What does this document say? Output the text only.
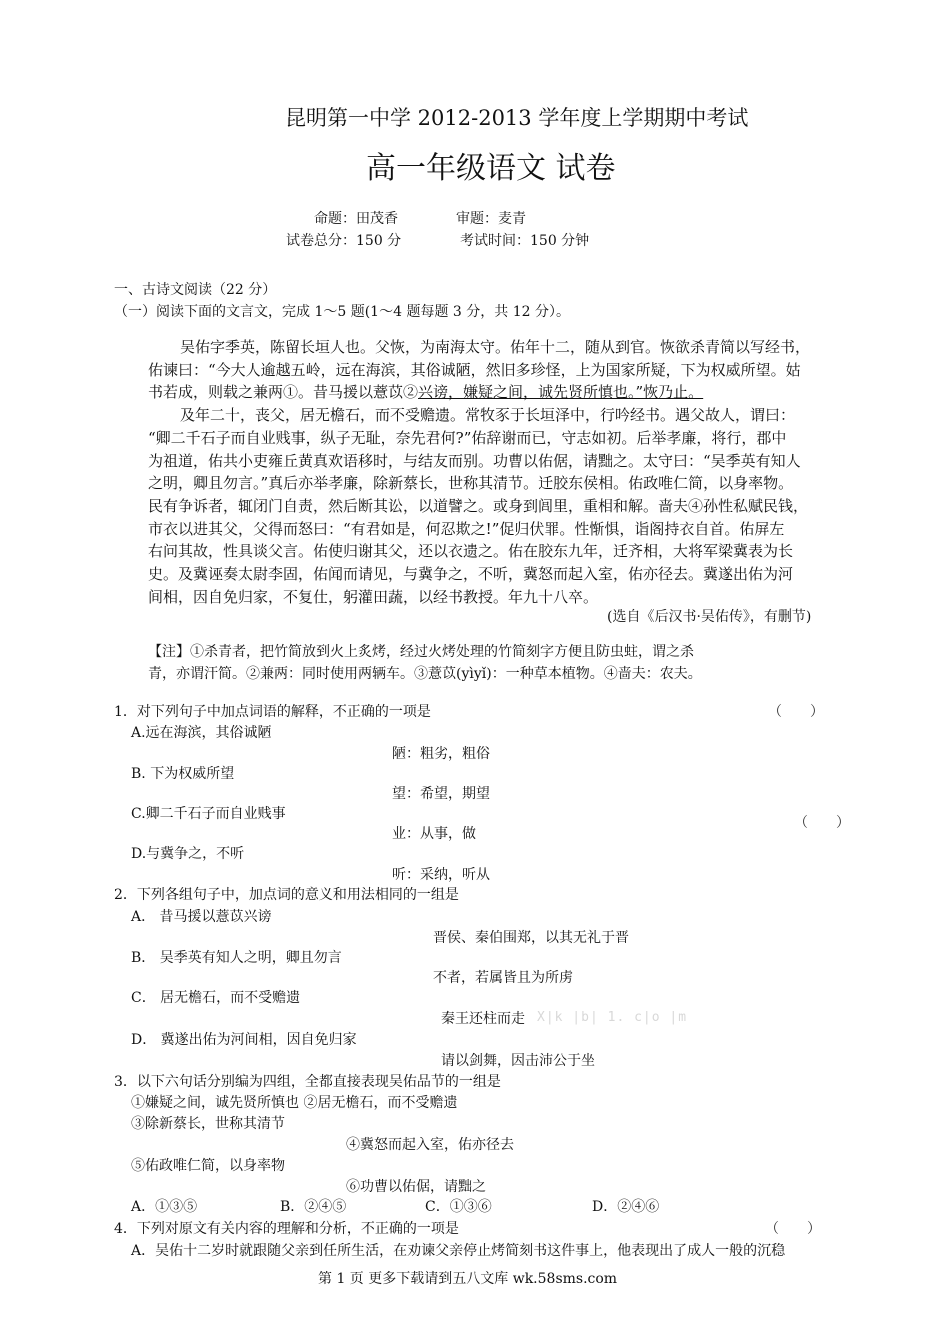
昆明第一中学 2012-2013 学年度上学期期中考试
高一年级语文 试卷
命题：田茂香	审题：麦青
试卷总分：150 分	考试时间：150 分钟
一、古诗文阅读（22 分）
（一）阅读下面的文言文，完成 1～5 题(1～4 题每题 3 分，共 12 分）。

吴佑字季英，陈留长垣人也。父恢，为南海太守。佑年十二，随从到官。恢欲杀青简以写经书，

佑谏曰：“今大人逾越五岭，远在海滨，其俗诚陋，然旧多珍怪，上为国家所疑，下为权威所望。姑

书若成，则载之兼两①。昔马援以薏苡②兴谤，嫌疑之间，诚先贤所慎也。”恢乃止。

及年二十，丧父，居无檐石，而不受赡遗。常牧豕于长垣泽中，行吟经书。遇父故人，谓曰：

“卿二千石子而自业贱事，纵子无耻，奈先君何?”佑辞谢而已，守志如初。后举孝廉，将行，郡中

为祖道，佑共小吏雍丘黄真欢语移时，与结友而别。功曹以佑倨，请黜之。太守曰：“吴季英有知人

之明，卿且勿言。”真后亦举孝廉，除新蔡长，世称其清节。迁胶东侯相。佑政唯仁简，以身率物。

民有争诉者，辄闭门自责，然后断其讼，以道譬之。或身到闾里，重相和解。啬夫④孙性私赋民钱，

市衣以进其父，父得而怒曰：“有君如是，何忍欺之!”促归伏罪。性惭惧，诣阁持衣自首。佑屏左

右问其故，性具谈父言。佑使归谢其父，还以衣遗之。佑在胶东九年，迁齐相，大将军梁冀表为长

史。及冀诬奏太尉李固，佑闻而请见，与冀争之，不听，冀怒而起入室，佑亦径去。冀遂出佑为河

间相，因自免归家，不复仕，躬灌田蔬，以经书教授。年九十八卒。

(选自《后汉书·吴佑传》，有删节)
【注】①杀青者，把竹简放到火上炙烤，经过火烤处理的竹简刻字方便且防虫蛀，谓之杀
青，亦谓汗简。②兼两：同时使用两辆车。③薏苡(yìyǐ)：一种草本植物。④啬夫：农夫。
1．对下列句子中加点词语的解释，不正确的一项是	（　　）
A.远在海滨，其俗诚陋
陋：粗劣，粗俗
B. 下为权威所望
望：希望，期望
C.卿二千石子而自业贱事
（　　）
业：从事，做
D.与冀争之，不听
听：采纳，听从
2．下列各组句子中，加点词的意义和用法相同的一组是
A． 昔马援以薏苡兴谤
晋侯、秦伯围郑，以其无礼于晋
B． 吴季英有知人之明，卿且勿言
不者，若属皆且为所虏
C． 居无檐石，而不受赡遗
秦王还柱而走 X|k |b| 1. c|o |m
D． 冀遂出佑为河间相，因自免归家
请以剑舞，因击沛公于坐
3．以下六句话分别编为四组，全都直接表现吴佑品节的一组是
①嫌疑之间，诚先贤所慎也 ②居无檐石，而不受赡遗
③除新蔡长，世称其清节
④冀怒而起入室，佑亦径去
⑤佑政唯仁简，以身率物
⑥功曹以佑倨，请黜之
A．①③⑤	B．②④⑤	C．①③⑥	D．②④⑥
4．下列对原文有关内容的理解和分析，不正确的一项是	（　　）
A．吴佑十二岁时就跟随父亲到任所生活，在劝谏父亲停止烤简刻书这件事上，他表现出了成人一般的沉稳
第 1 页 更多下载请到五八文库 wk.58sms.com
